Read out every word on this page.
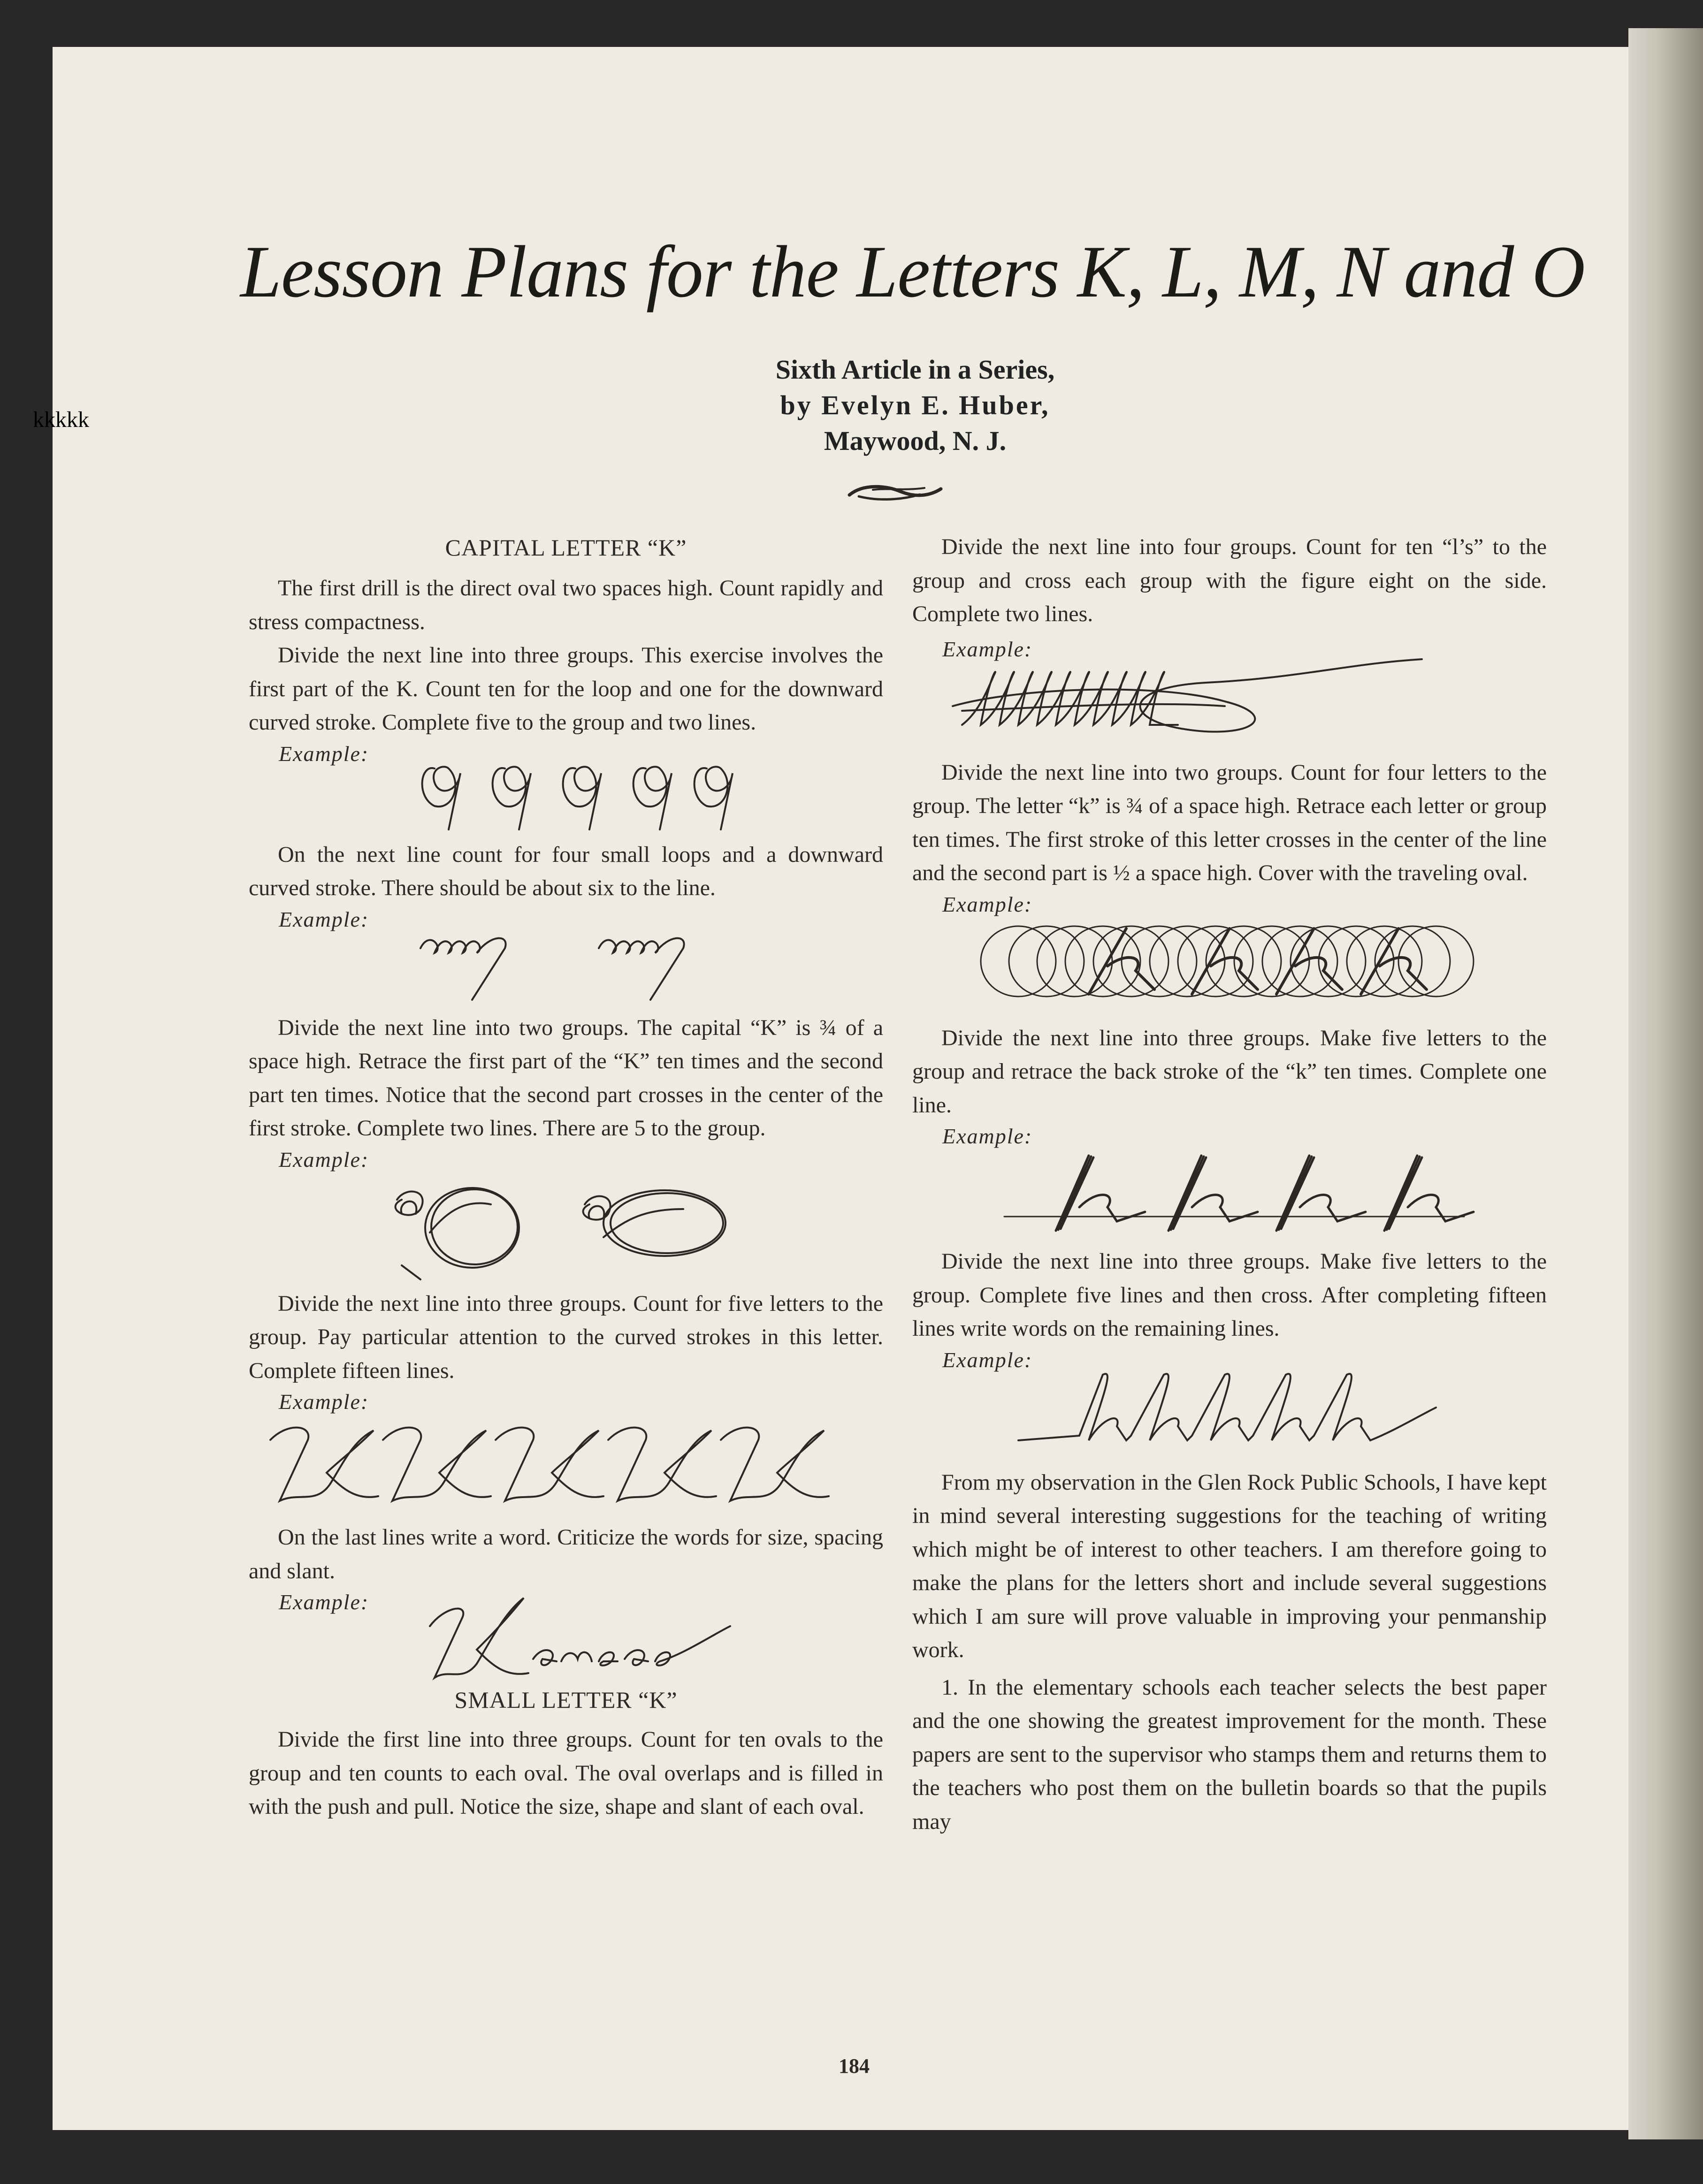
Lesson Plans for the Letters K, L, M, N and O
Sixth Article in a Series,
by Evelyn E. Huber,
Maywood, N. J.
CAPITAL LETTER “K”

The first drill is the direct oval two spaces high. Count rapidly and stress compactness.

Divide the next line into three groups. This exercise involves the first part of the K. Count ten for the loop and one for the downward curved stroke. Complete five to the group and two lines.

Example:

On the next line count for four small loops and a downward curved stroke. There should be about six to the line.

Example:

Divide the next line into two groups. The capital “K” is ¾ of a space high. Retrace the first part of the “K” ten times and the second part ten times. Notice that the second part crosses in the center of the first stroke. Complete two lines. There are 5 to the group.

Example:

Divide the next line into three groups. Count for five letters to the group. Pay particular attention to the curved strokes in this letter. Complete fifteen lines.

Example:

On the last lines write a word. Criticize the words for size, spacing and slant.

Example:
SMALL LETTER “K”

Divide the first line into three groups. Count for ten ovals to the group and ten counts to each oval. The oval overlaps and is filled in with the push and pull. Notice the size, shape and slant of each oval.

Divide the next line into four groups. Count for ten “l’s” to the group and cross each group with the figure eight on the side. Complete two lines.

Example:

Divide the next line into two groups. Count for four letters to the group. The letter “k” is ¾ of a space high. Retrace each letter or group ten times. The first stroke of this letter crosses in the center of the line and the second part is ½ a space high. Cover with the traveling oval.

Example:

Divide the next line into three groups. Make five letters to the group and retrace the back stroke of the “k” ten times. Complete one line.

Example:

Divide the next line into three groups. Make five letters to the group. Complete five lines and then cross. After completing fifteen lines write words on the remaining lines.

Example:
kkkkk

From my observation in the Glen Rock Public Schools, I have kept in mind several interesting suggestions for the teaching of writing which might be of interest to other teachers. I am therefore going to make the plans for the letters short and include several suggestions which I am sure will prove valuable in improving your penmanship work.

1. In the elementary schools each teacher selects the best paper and the one showing the greatest improvement for the month. These papers are sent to the supervisor who stamps them and returns them to the teachers who post them on the bulletin boards so that the pupils may

184
